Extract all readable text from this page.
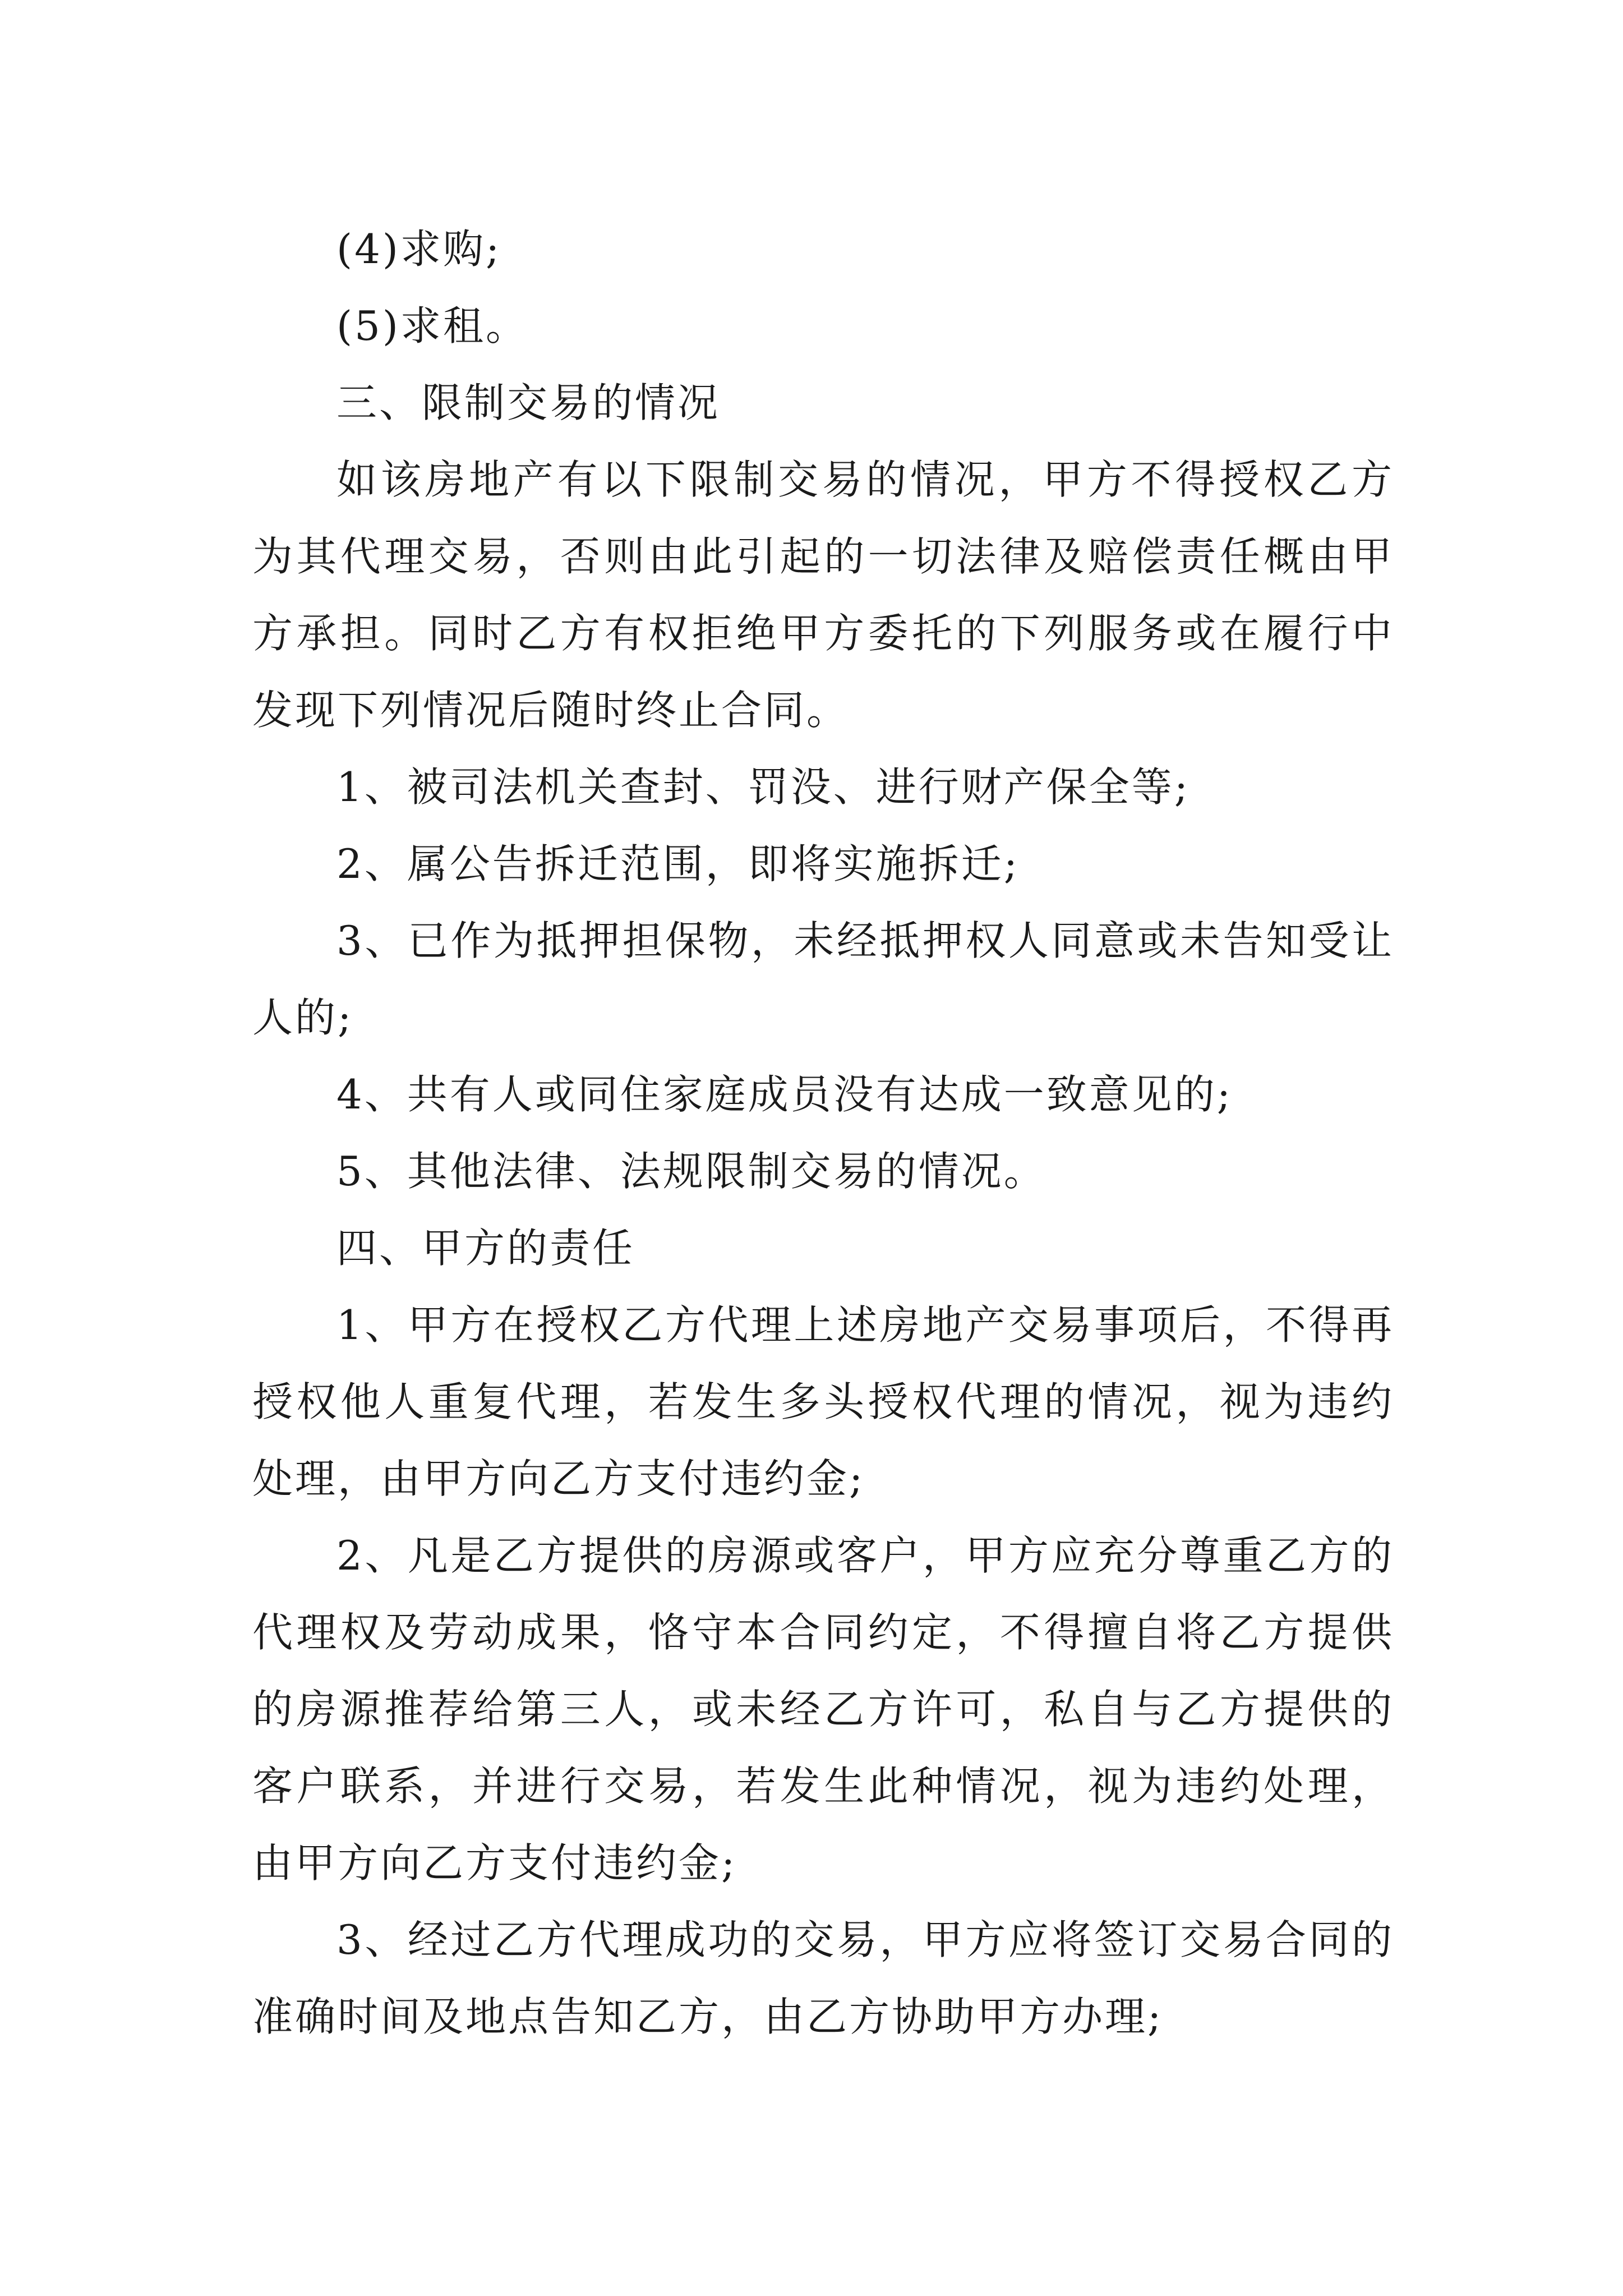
(4)求购;

(5)求租。

三、限制交易的情况

如该房地产有以下限制交易的情况，甲方不得授权乙方为其代理交易，否则由此引起的一切法律及赔偿责任概由甲方承担。同时乙方有权拒绝甲方委托的下列服务或在履行中发现下列情况后随时终止合同。

1、被司法机关查封、罚没、进行财产保全等;

2、属公告拆迁范围，即将实施拆迁;

3、已作为抵押担保物，未经抵押权人同意或未告知受让人的;

4、共有人或同住家庭成员没有达成一致意见的;

5、其他法律、法规限制交易的情况。

四、甲方的责任

1、甲方在授权乙方代理上述房地产交易事项后，不得再授权他人重复代理，若发生多头授权代理的情况，视为违约处理，由甲方向乙方支付违约金;

2、凡是乙方提供的房源或客户，甲方应充分尊重乙方的代理权及劳动成果，恪守本合同约定，不得擅自将乙方提供的房源推荐给第三人，或未经乙方许可，私自与乙方提供的客户联系，并进行交易，若发生此种情况，视为违约处理，由甲方向乙方支付违约金;

3、经过乙方代理成功的交易，甲方应将签订交易合同的准确时间及地点告知乙方，由乙方协助甲方办理;
